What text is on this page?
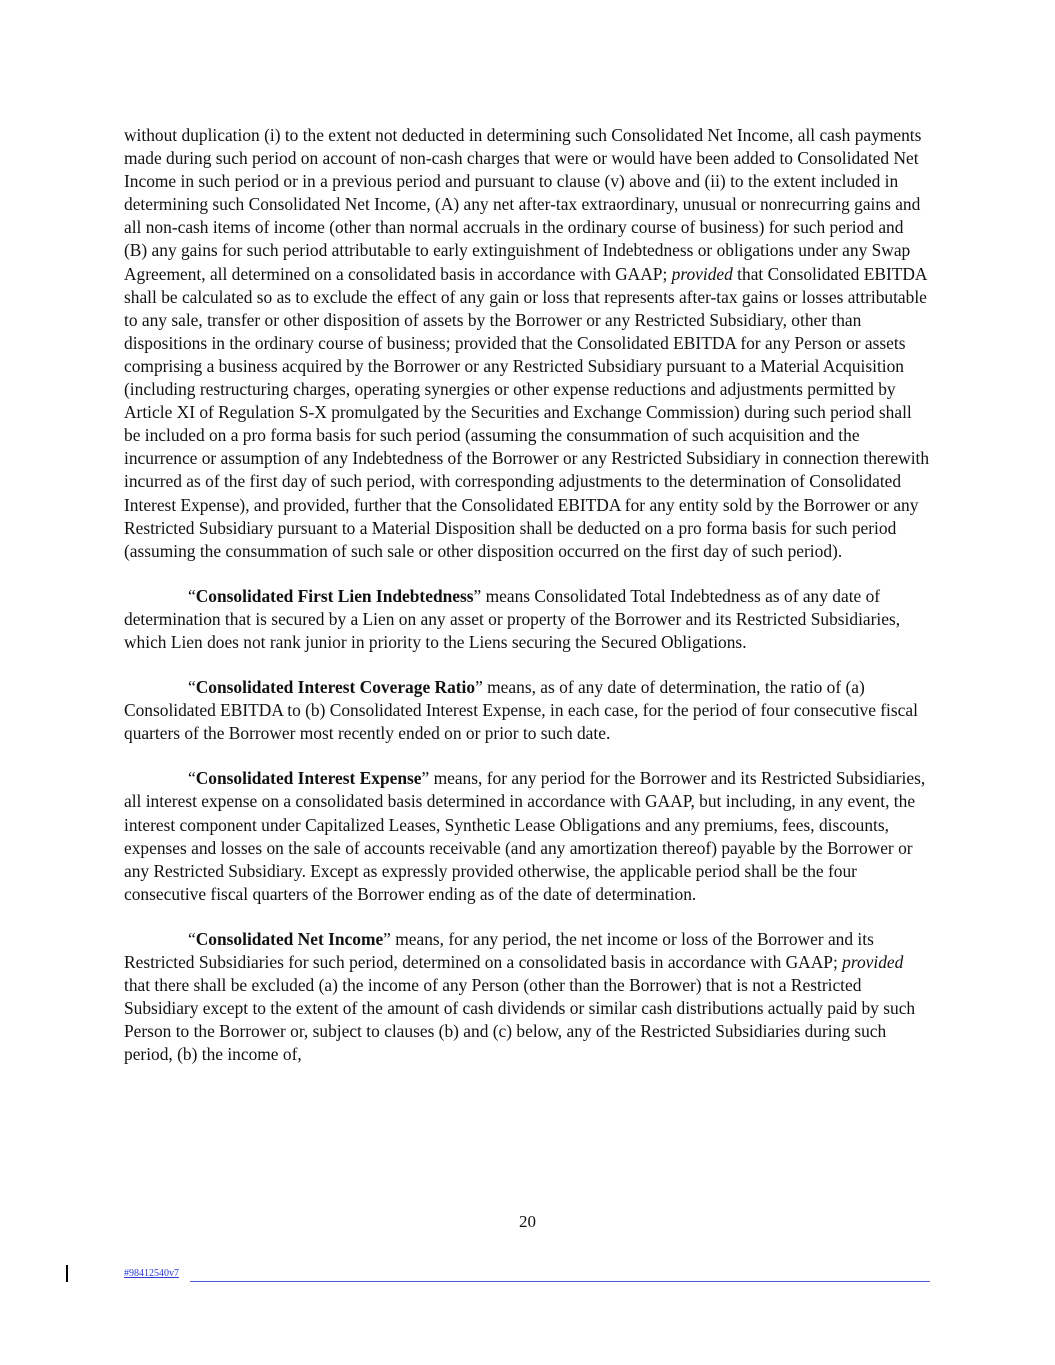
without duplication (i) to the extent not deducted in determining such Consolidated Net Income, all cash payments made during such period on account of non-cash charges that were or would have been added to Consolidated Net Income in such period or in a previous period and pursuant to clause (v) above and (ii) to the extent included in determining such Consolidated Net Income, (A) any net after-tax extraordinary, unusual or nonrecurring gains and all non-cash items of income (other than normal accruals in the ordinary course of business) for such period and (B) any gains for such period attributable to early extinguishment of Indebtedness or obligations under any Swap Agreement, all determined on a consolidated basis in accordance with GAAP; provided that Consolidated EBITDA shall be calculated so as to exclude the effect of any gain or loss that represents after-tax gains or losses attributable to any sale, transfer or other disposition of assets by the Borrower or any Restricted Subsidiary, other than dispositions in the ordinary course of business; provided that the Consolidated EBITDA for any Person or assets comprising a business acquired by the Borrower or any Restricted Subsidiary pursuant to a Material Acquisition (including restructuring charges, operating synergies or other expense reductions and adjustments permitted by Article XI of Regulation S-X promulgated by the Securities and Exchange Commission) during such period shall be included on a pro forma basis for such period (assuming the consummation of such acquisition and the incurrence or assumption of any Indebtedness of the Borrower or any Restricted Subsidiary in connection therewith incurred as of the first day of such period, with corresponding adjustments to the determination of Consolidated Interest Expense), and provided, further that the Consolidated EBITDA for any entity sold by the Borrower or any Restricted Subsidiary pursuant to a Material Disposition shall be deducted on a pro forma basis for such period (assuming the consummation of such sale or other disposition occurred on the first day of such period).

“Consolidated First Lien Indebtedness” means Consolidated Total Indebtedness as of any date of determination that is secured by a Lien on any asset or property of the Borrower and its Restricted Subsidiaries, which Lien does not rank junior in priority to the Liens securing the Secured Obligations.

“Consolidated Interest Coverage Ratio” means, as of any date of determination, the ratio of (a) Consolidated EBITDA to (b) Consolidated Interest Expense, in each case, for the period of four consecutive fiscal quarters of the Borrower most recently ended on or prior to such date.

“Consolidated Interest Expense” means, for any period for the Borrower and its Restricted Subsidiaries, all interest expense on a consolidated basis determined in accordance with GAAP, but including, in any event, the interest component under Capitalized Leases, Synthetic Lease Obligations and any premiums, fees, discounts, expenses and losses on the sale of accounts receivable (and any amortization thereof) payable by the Borrower or any Restricted Subsidiary. Except as expressly provided otherwise, the applicable period shall be the four consecutive fiscal quarters of the Borrower ending as of the date of determination.

“Consolidated Net Income” means, for any period, the net income or loss of the Borrower and its Restricted Subsidiaries for such period, determined on a consolidated basis in accordance with GAAP; provided that there shall be excluded (a) the income of any Person (other than the Borrower) that is not a Restricted Subsidiary except to the extent of the amount of cash dividends or similar cash distributions actually paid by such Person to the Borrower or, subject to clauses (b) and (c) below, any of the Restricted Subsidiaries during such period, (b) the income of,

20
#98412540v7
